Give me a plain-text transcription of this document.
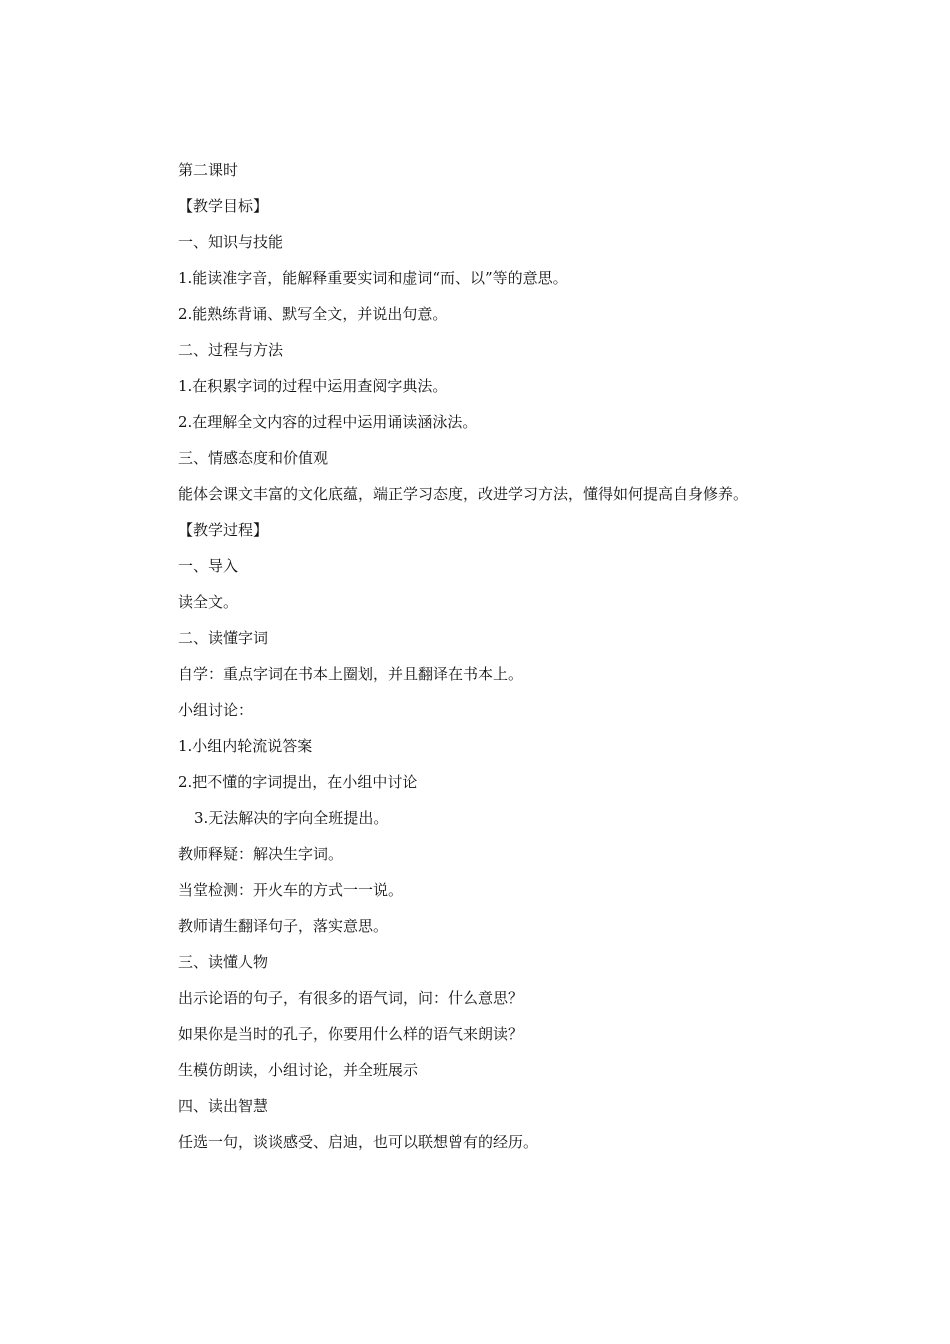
第二课时
【教学目标】
一、知识与技能
1.能读准字音，能解释重要实词和虚词“而、以”等的意思。
2.能熟练背诵、默写全文，并说出句意。
二、过程与方法
1.在积累字词的过程中运用查阅字典法。
2.在理解全文内容的过程中运用诵读涵泳法。
三、情感态度和价值观
能体会课文丰富的文化底蕴，端正学习态度，改进学习方法，懂得如何提高自身修养。
【教学过程】
一、导入
读全文。
二、读懂字词
自学：重点字词在书本上圈划，并且翻译在书本上。
小组讨论：
1.小组内轮流说答案
2.把不懂的字词提出，在小组中讨论
3.无法解决的字向全班提出。
教师释疑：解决生字词。
当堂检测：开火车的方式一一说。
教师请生翻译句子，落实意思。
三、读懂人物
出示论语的句子，有很多的语气词，问：什么意思？
如果你是当时的孔子，你要用什么样的语气来朗读？
生模仿朗读，小组讨论，并全班展示
四、读出智慧
任选一句，谈谈感受、启迪，也可以联想曾有的经历。
